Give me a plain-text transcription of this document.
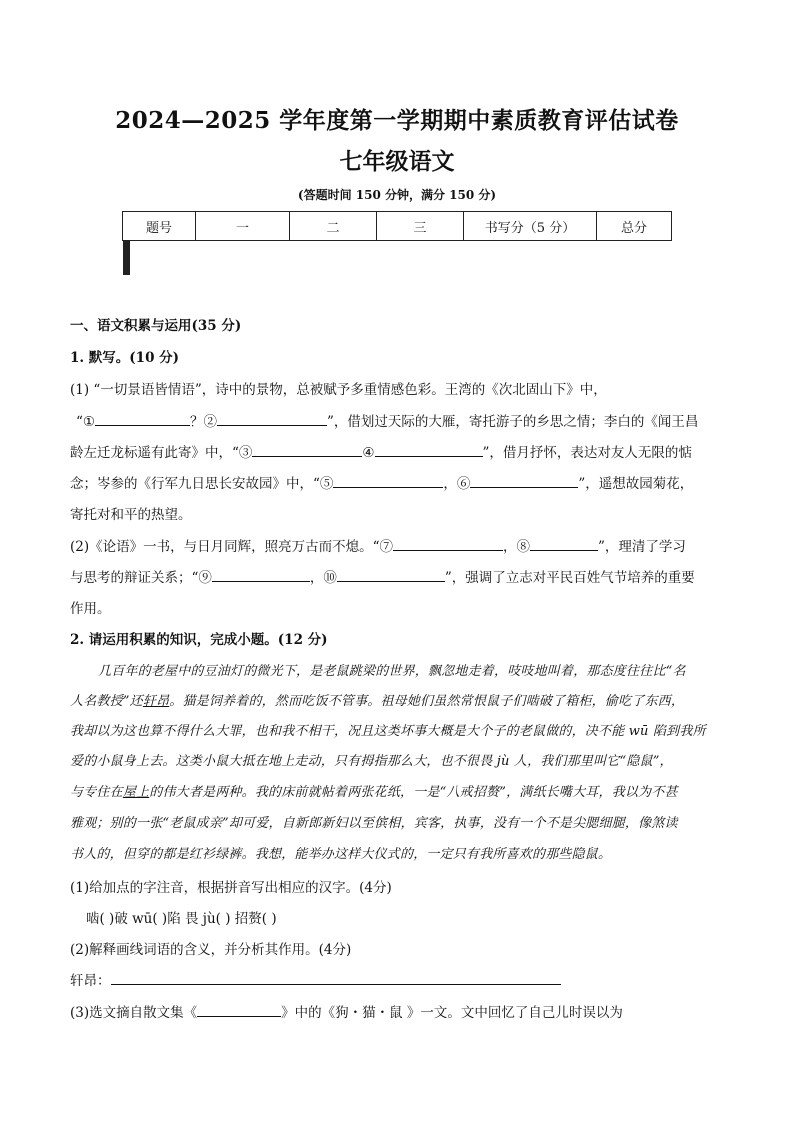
2024—2025 学年度第一学期期中素质教育评估试卷
七年级语文
(答题时间 150 分钟，满分 150 分)
题号	一	二	三	书写分（5 分）	总分

一、语文积累与运用(35 分)
1. 默写。(10 分)
(1) “一切景语皆情语”，诗中的景物，总被赋予多重情感色彩。王湾的《次北固山下》中，
“①	？②	”，借划过天际的大雁，寄托游子的乡思之情；李白的《闻王昌
龄左迁龙标遥有此寄》中，“③	④	”，借月抒怀，表达对友人无限的惦
念；岑参的《行军九日思长安故园》中，“⑤	，⑥	”，遥想故园菊花，
寄托对和平的热望。
(2)《论语》一书，与日月同辉，照亮万古而不熄。“⑦	，⑧	”，理清了学习
与思考的辩证关系；“⑨	，⑩	”，强调了立志对平民百姓气节培养的重要
作用。
2. 请运用积累的知识，完成小题。(12 分)
几百年的老屋中的豆油灯的微光下，是老鼠跳梁的世界，飘忽地走着，吱吱地叫着，那态度往往比“名
人名教授”还轩昂。猫是饲养着的，然而吃饭不管事。祖母她们虽然常恨鼠子们啮破了箱柜，偷吃了东西，
我却以为这也算不得什么大罪，也和我不相干，况且这类坏事大概是大个子的老鼠做的，决不能 wū 陷到我所
爱的小鼠身上去。这类小鼠大抵在地上走动，只有拇指那么大，也不很畏 jù 人，我们那里叫它“隐鼠”，
与专住在屋上的伟大者是两种。我的床前就帖着两张花纸，一是“八戒招赘”，满纸长嘴大耳，我以为不甚
雅观；别的一张“老鼠成亲”却可爱，自新郎新妇以至傧相，宾客，执事，没有一个不是尖腮细腿，像煞读
书人的，但穿的都是红衫绿裤。我想，能举办这样大仪式的，一定只有我所喜欢的那些隐鼠。
(1)给加点的字注音，根据拼音写出相应的汉字。(4分)
啮( )破 wū( )陷 畏 jù( ) 招赘( )
(2)解释画线词语的含义，并分析其作用。(4分)
轩昂：
(3)选文摘自散文集《	》中的《狗・猫・鼠 》一文。文中回忆了自己儿时误以为
